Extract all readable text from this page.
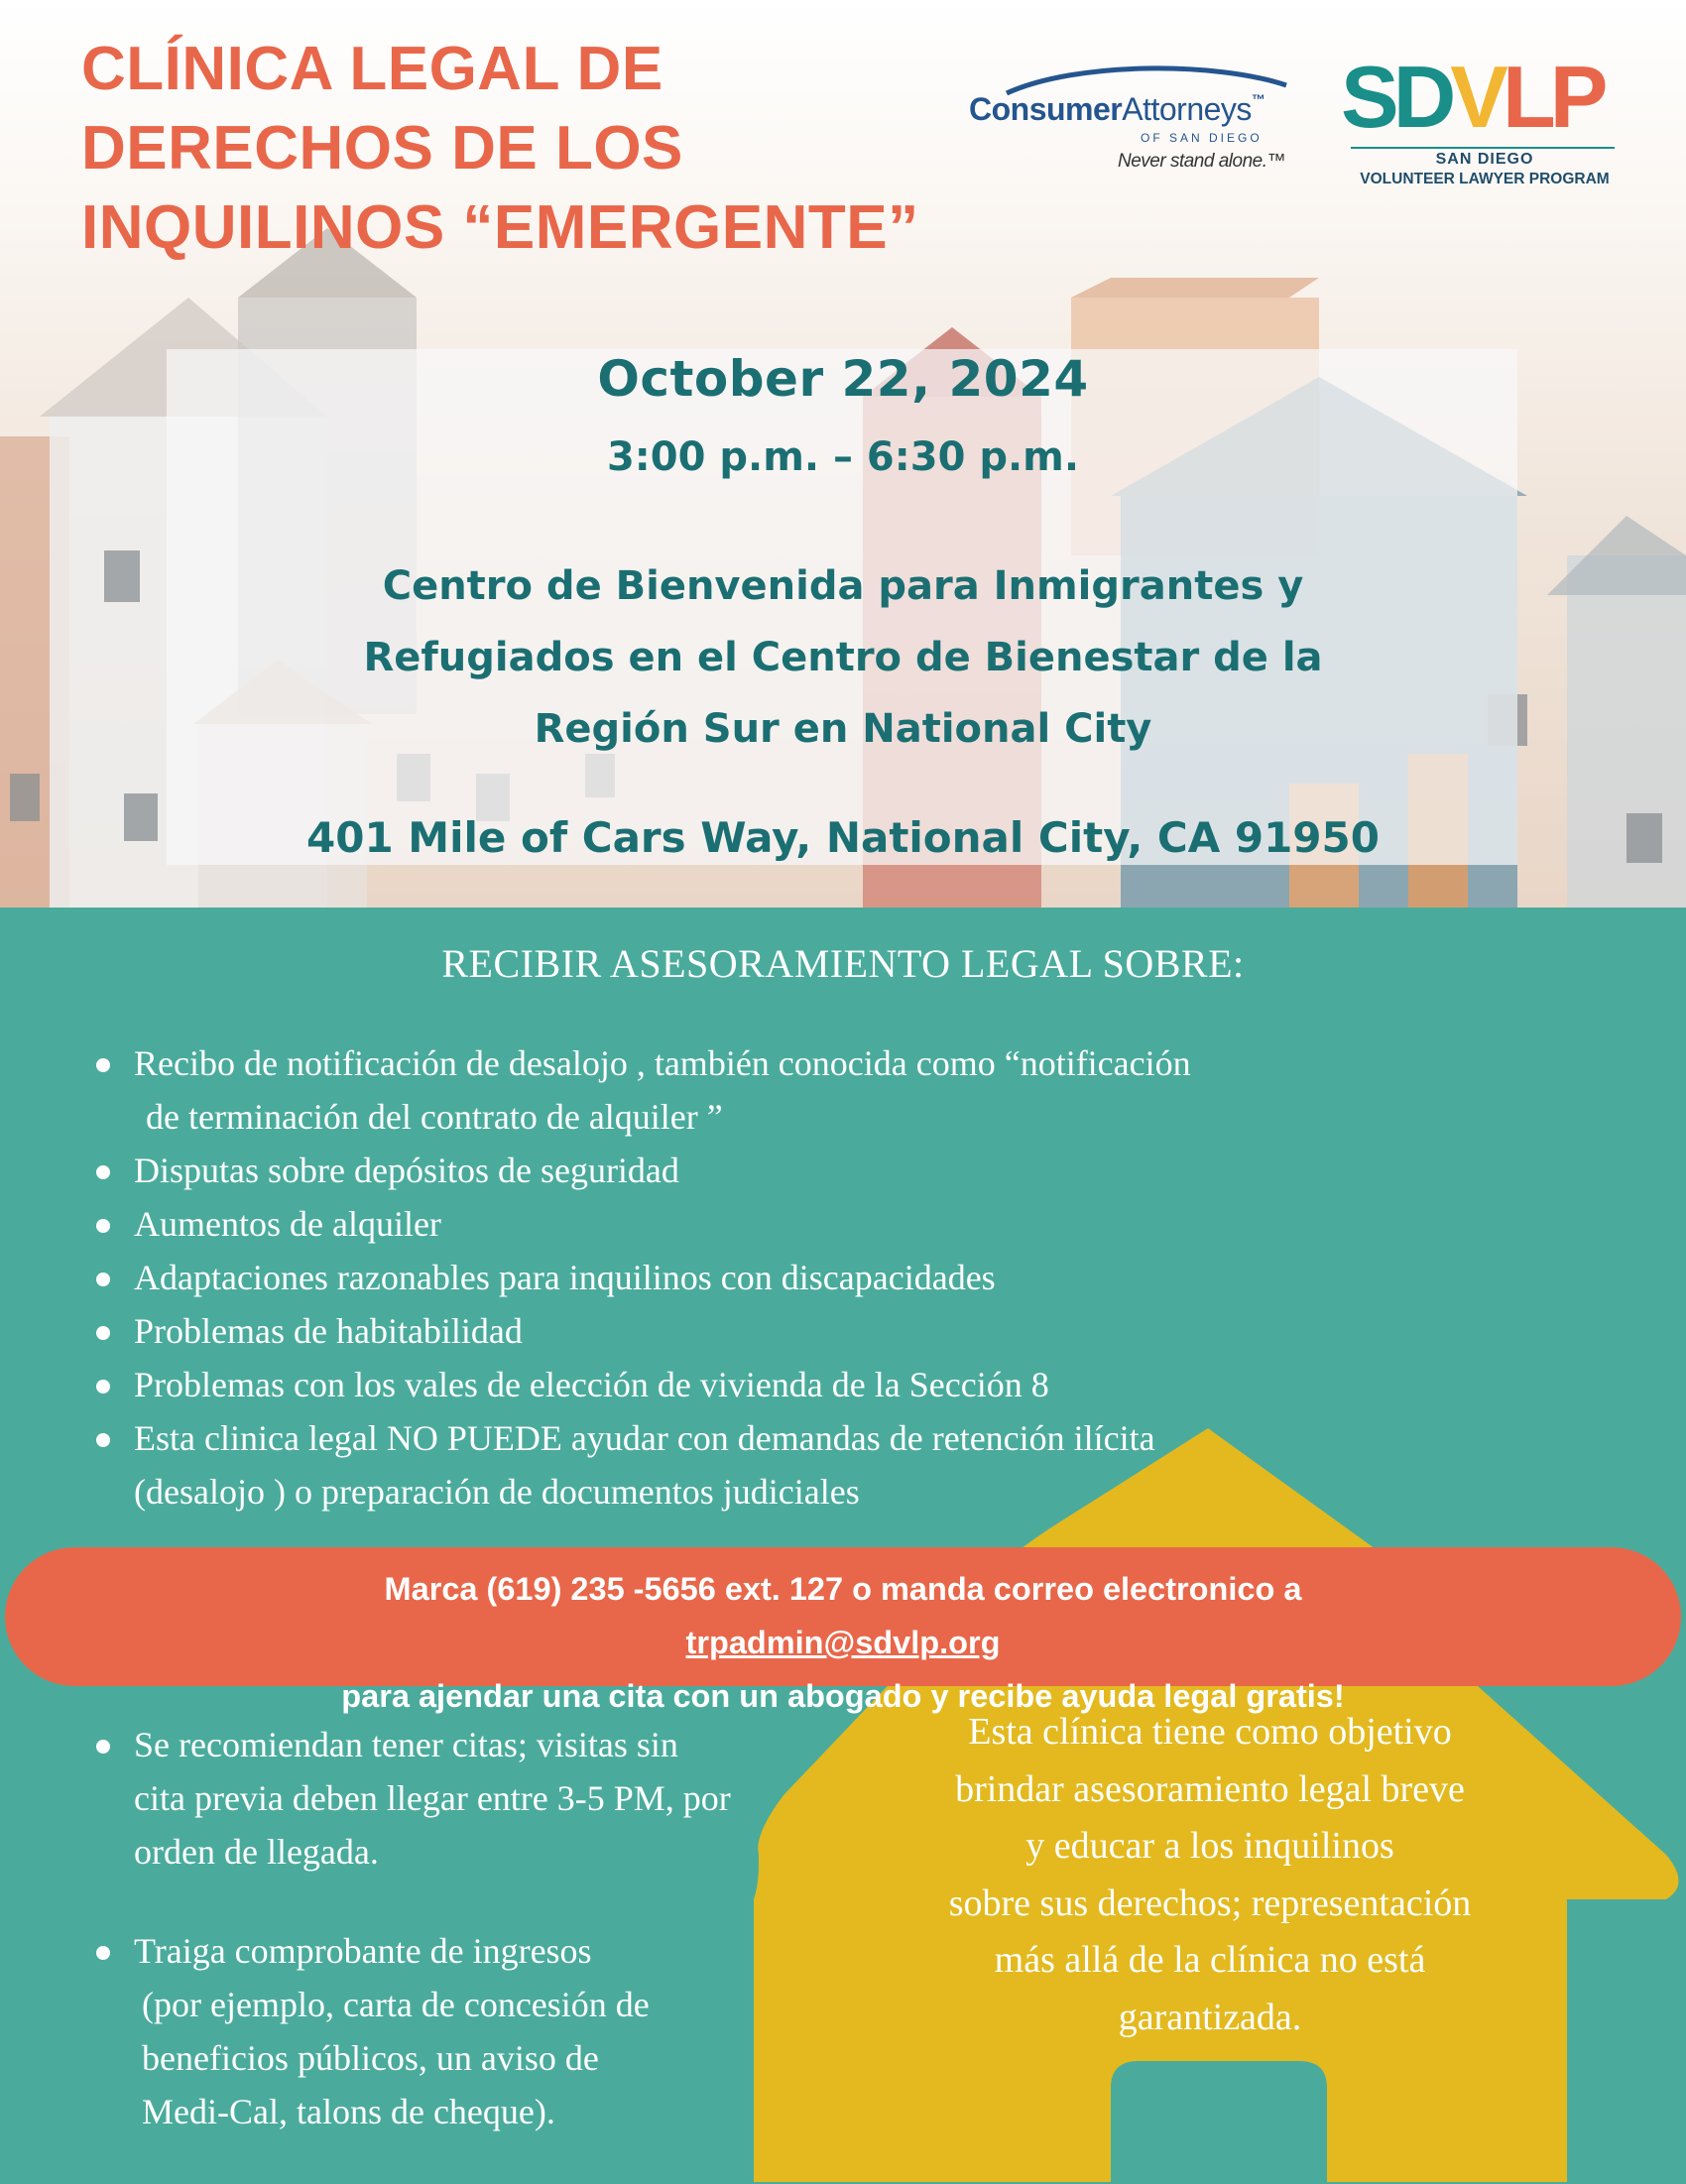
CLÍNICA LEGAL DE
DERECHOS DE LOS
INQUILINOS “EMERGENTE”
ConsumerAttorneys™
OF SAN DIEGO
Never stand alone.™
SDVLP
SAN DIEGO
VOLUNTEER LAWYER PROGRAM
October 22, 2024
3:00 p.m. – 6:30 p.m.
Centro de Bienvenida para Inmigrantes y
Refugiados en el Centro de Bienestar de la
Región Sur en National City
401 Mile of Cars Way, National City, CA 91950
RECIBIR ASESORAMIENTO LEGAL SOBRE:
Recibo de notificación de desalojo , también conocida como “notificación
de terminación del contrato de alquiler ”
Disputas sobre depósitos de seguridad
Aumentos de alquiler
Adaptaciones razonables para inquilinos con discapacidades
Problemas de habitabilidad
Problemas con los vales de elección de vivienda de la Sección 8
Esta clinica legal NO PUEDE ayudar con demandas de retención ilícita
(desalojo ) o preparación de documentos judiciales
Marca (619) 235 -5656 ext. 127 o manda correo electronico a
trpadmin@sdvlp.org
para ajendar una cita con un abogado y recibe ayuda legal gratis!
Se recomiendan tener citas; visitas sin
cita previa deben llegar entre 3-5 PM, por
orden de llegada.
Traiga comprobante de ingresos
(por ejemplo, carta de concesión de
beneficios públicos, un aviso de
Medi-Cal, talons de cheque).
Esta clínica tiene como objetivo
brindar asesoramiento legal breve
y educar a los inquilinos
sobre sus derechos; representación
más allá de la clínica no está
garantizada.
